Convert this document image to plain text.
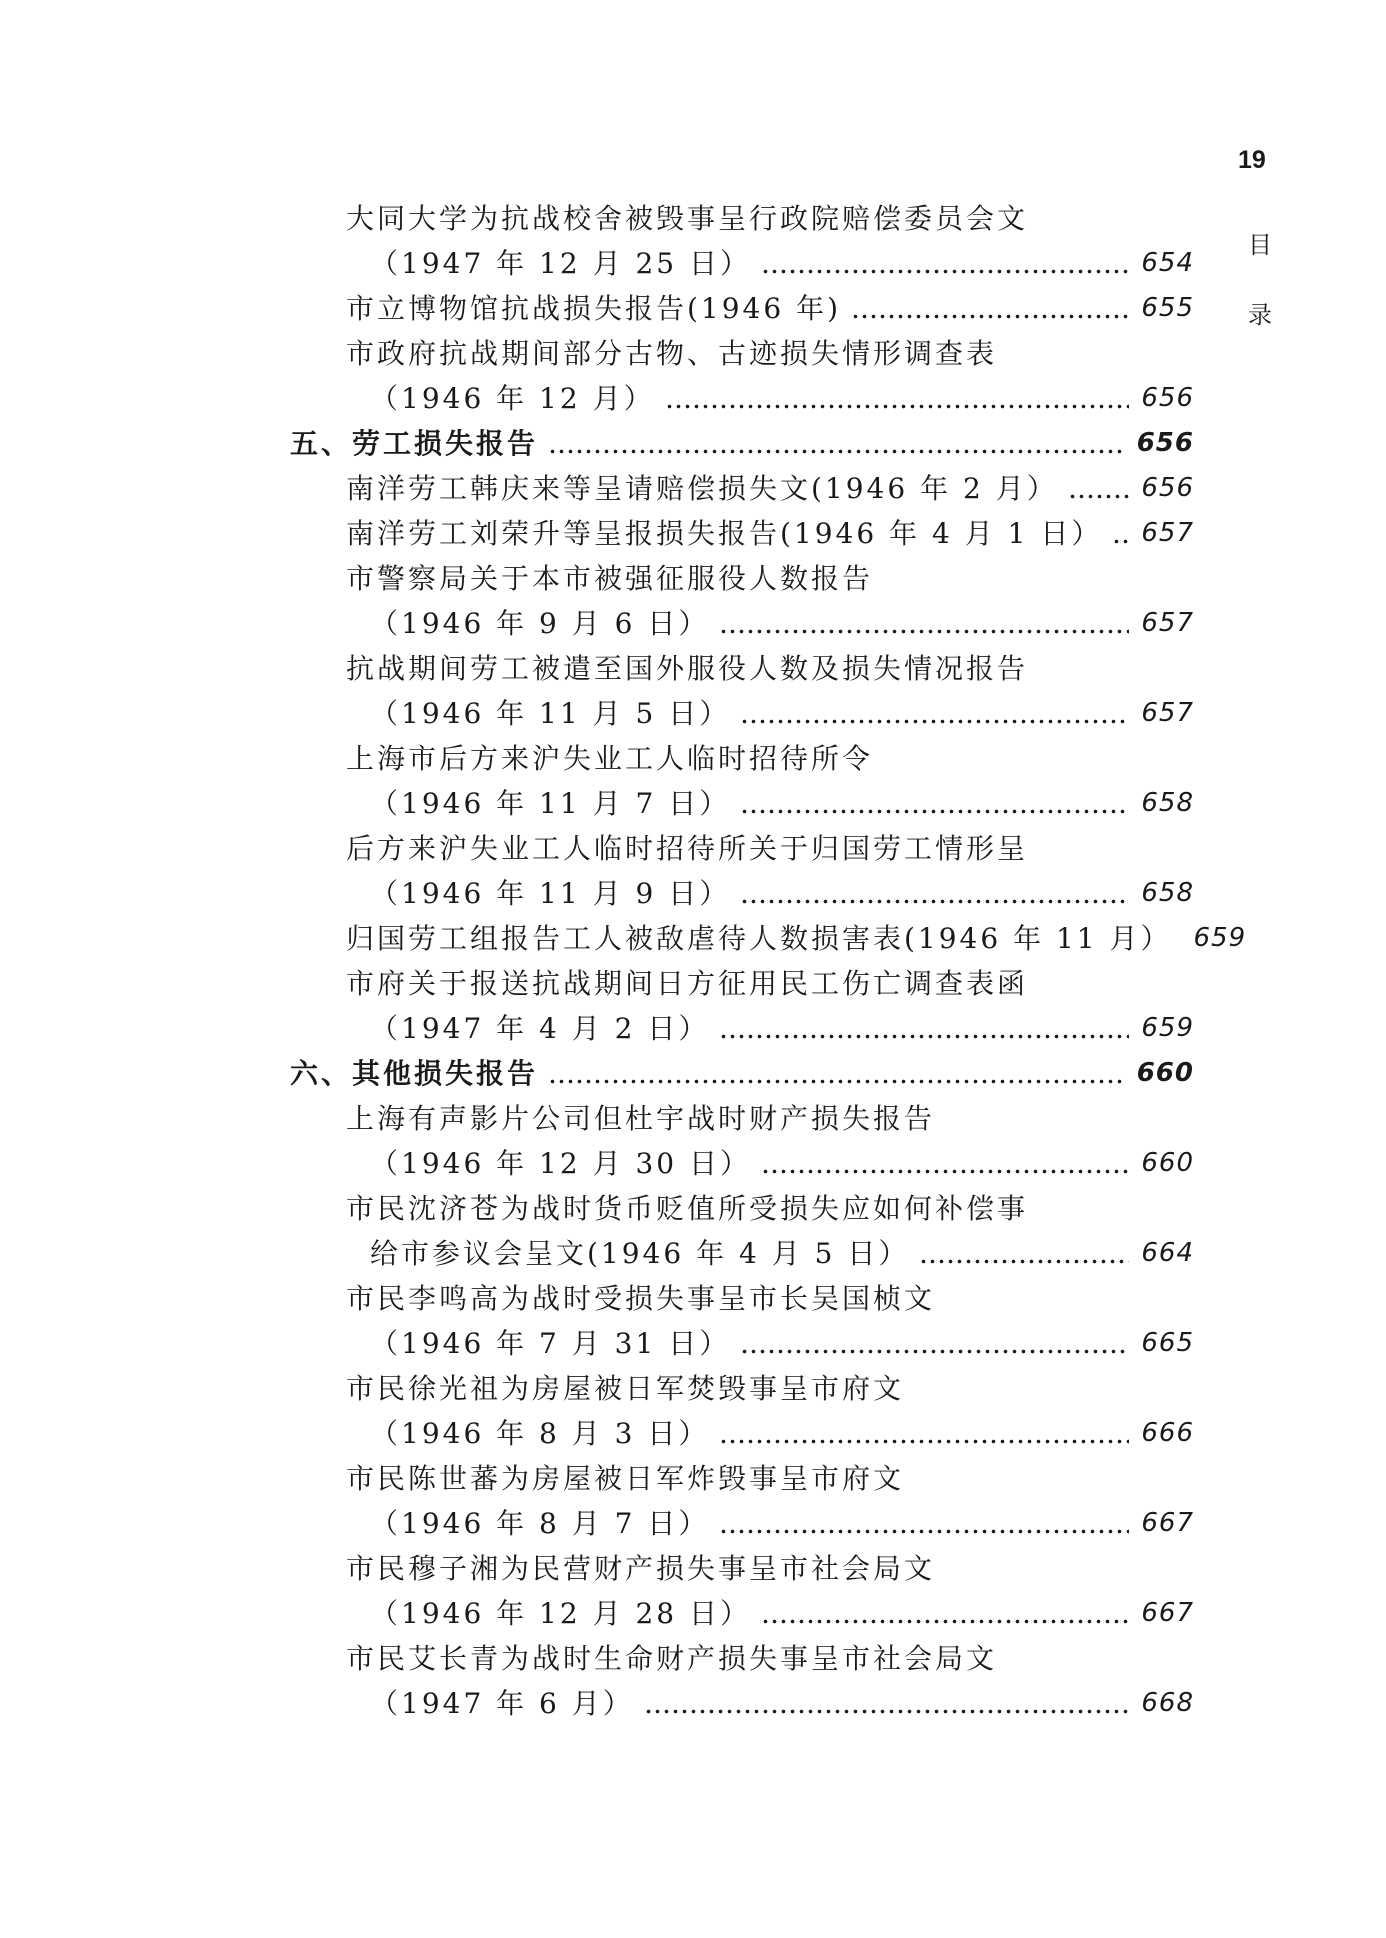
19
目
录
大同大学为抗战校舍被毁事呈行政院赔偿委员会文
（1947 年 12 月 25 日）	654
市立博物馆抗战损失报告(1946 年)	655
市政府抗战期间部分古物、古迹损失情形调查表
（1946 年 12 月）	656
五、劳工损失报告	656
南洋劳工韩庆来等呈请赔偿损失文(1946 年 2 月）	656
南洋劳工刘荣升等呈报损失报告(1946 年 4 月 1 日） 657
市警察局关于本市被强征服役人数报告
（1946 年 9 月 6 日）	657
抗战期间劳工被遣至国外服役人数及损失情况报告
（1946 年 11 月 5 日）	657
上海市后方来沪失业工人临时招待所令
（1946 年 11 月 7 日）	658
后方来沪失业工人临时招待所关于归国劳工情形呈
（1946 年 11 月 9 日）	658
归国劳工组报告工人被敌虐待人数损害表(1946 年 11 月） 659
市府关于报送抗战期间日方征用民工伤亡调查表函
（1947 年 4 月 2 日）	659
六、其他损失报告	660
上海有声影片公司但杜宇战时财产损失报告
（1946 年 12 月 30 日）	660
市民沈济苍为战时货币贬值所受损失应如何补偿事
给市参议会呈文(1946 年 4 月 5 日）	664
市民李鸣高为战时受损失事呈市长吴国桢文
（1946 年 7 月 31 日）	665
市民徐光祖为房屋被日军焚毁事呈市府文
（1946 年 8 月 3 日）	666
市民陈世蕃为房屋被日军炸毁事呈市府文
（1946 年 8 月 7 日）	667
市民穆子湘为民营财产损失事呈市社会局文
（1946 年 12 月 28 日）	667
市民艾长青为战时生命财产损失事呈市社会局文
（1947 年 6 月）	668
